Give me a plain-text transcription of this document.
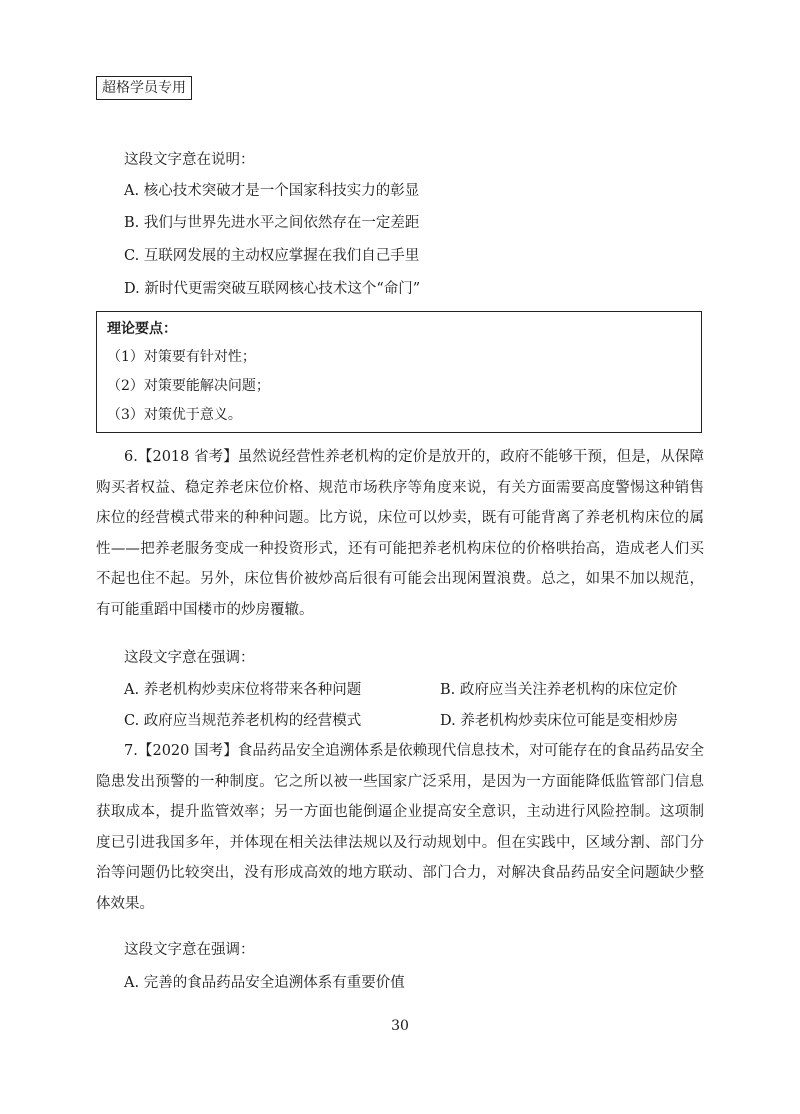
超格学员专用
这段文字意在说明：
A. 核心技术突破才是一个国家科技实力的彰显
B. 我们与世界先进水平之间依然存在一定差距
C. 互联网发展的主动权应掌握在我们自己手里
D. 新时代更需突破互联网核心技术这个“命门”
理论要点：
（1）对策要有针对性；
（2）对策要能解决问题；
（3）对策优于意义。
6.【2018 省考】虽然说经营性养老机构的定价是放开的，政府不能够干预，但是，从保障购买者权益、稳定养老床位价格、规范市场秩序等角度来说，有关方面需要高度警惕这种销售床位的经营模式带来的种种问题。比方说，床位可以炒卖，既有可能背离了养老机构床位的属性——把养老服务变成一种投资形式，还有可能把养老机构床位的价格哄抬高，造成老人们买不起也住不起。另外，床位售价被炒高后很有可能会出现闲置浪费。总之，如果不加以规范，有可能重蹈中国楼市的炒房覆辙。
这段文字意在强调：
A. 养老机构炒卖床位将带来各种问题	B. 政府应当关注养老机构的床位定价
C. 政府应当规范养老机构的经营模式	D. 养老机构炒卖床位可能是变相炒房
7.【2020 国考】食品药品安全追溯体系是依赖现代信息技术，对可能存在的食品药品安全隐患发出预警的一种制度。它之所以被一些国家广泛采用，是因为一方面能降低监管部门信息获取成本，提升监管效率；另一方面也能倒逼企业提高安全意识，主动进行风险控制。这项制度已引进我国多年，并体现在相关法律法规以及行动规划中。但在实践中，区域分割、部门分治等问题仍比较突出，没有形成高效的地方联动、部门合力，对解决食品药品安全问题缺少整体效果。
这段文字意在强调：
A. 完善的食品药品安全追溯体系有重要价值
30
